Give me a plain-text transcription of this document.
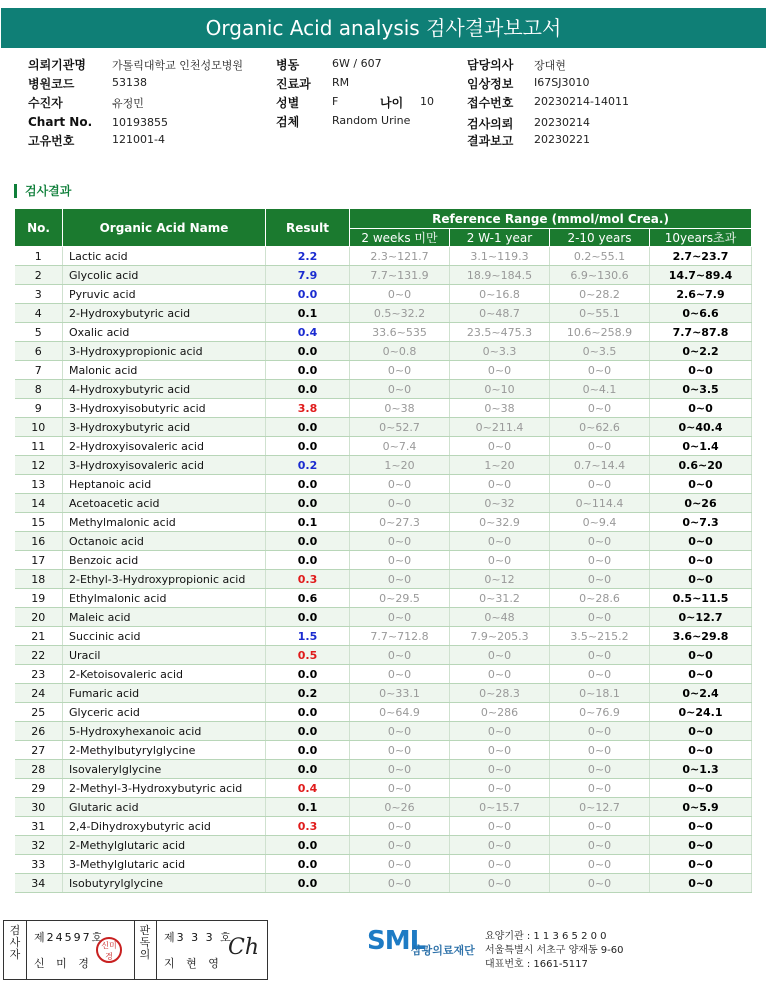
Organic Acid analysis 검사결과보고서
의뢰기관명 가톨릭대학교 인천성모병원
병원코드	53138
수진자	유정민
Chart No. 10193855
고유번호	121001-4
병동	6W / 607
진료과 RM
성별	F	나이 10
검체	Random Urine
담당의사 장대현
임상정보 I67SJ3010
접수번호 20230214-14011
검사의뢰 20230214
결과보고 20230221
검사결과
No.	Organic Acid Name	Result	Reference Range (mmol/mol Crea.)			
			2 weeks 미만	2 W-1 year	2-10 years	10years초과
1	Lactic acid	2.2	2.3~121.7	3.1~119.3	0.2~55.1	2.7~23.7
2	Glycolic acid	7.9	7.7~131.9	18.9~184.5	6.9~130.6	14.7~89.4
3	Pyruvic acid	0.0	0~0	0~16.8	0~28.2	2.6~7.9
4	2-Hydroxybutyric acid	0.1	0.5~32.2	0~48.7	0~55.1	0~6.6
5	Oxalic acid	0.4	33.6~535	23.5~475.3	10.6~258.9	7.7~87.8
6	3-Hydroxypropionic acid	0.0	0~0.8	0~3.3	0~3.5	0~2.2
7	Malonic acid	0.0	0~0	0~0	0~0	0~0
8	4-Hydroxybutyric acid	0.0	0~0	0~10	0~4.1	0~3.5
9	3-Hydroxyisobutyric acid	3.8	0~38	0~38	0~0	0~0
10	3-Hydroxybutyric acid	0.0	0~52.7	0~211.4	0~62.6	0~40.4
11	2-Hydroxyisovaleric acid	0.0	0~7.4	0~0	0~0	0~1.4
12	3-Hydroxyisovaleric acid	0.2	1~20	1~20	0.7~14.4	0.6~20
13	Heptanoic acid	0.0	0~0	0~0	0~0	0~0
14	Acetoacetic acid	0.0	0~0	0~32	0~114.4	0~26
15	Methylmalonic acid	0.1	0~27.3	0~32.9	0~9.4	0~7.3
16	Octanoic acid	0.0	0~0	0~0	0~0	0~0
17	Benzoic acid	0.0	0~0	0~0	0~0	0~0
18	2-Ethyl-3-Hydroxypropionic acid	0.3	0~0	0~12	0~0	0~0
19	Ethylmalonic acid	0.6	0~29.5	0~31.2	0~28.6	0.5~11.5
20	Maleic acid	0.0	0~0	0~48	0~0	0~12.7
21	Succinic acid	1.5	7.7~712.8	7.9~205.3	3.5~215.2	3.6~29.8
22	Uracil	0.5	0~0	0~0	0~0	0~0
23	2-Ketoisovaleric acid	0.0	0~0	0~0	0~0	0~0
24	Fumaric acid	0.2	0~33.1	0~28.3	0~18.1	0~2.4
25	Glyceric acid	0.0	0~64.9	0~286	0~76.9	0~24.1
26	5-Hydroxyhexanoic acid	0.0	0~0	0~0	0~0	0~0
27	2-Methylbutyrylglycine	0.0	0~0	0~0	0~0	0~0
28	Isovalerylglycine	0.0	0~0	0~0	0~0	0~1.3
29	2-Methyl-3-Hydroxybutyric acid	0.4	0~0	0~0	0~0	0~0
30	Glutaric acid	0.1	0~26	0~15.7	0~12.7	0~5.9
31	2,4-Dihydroxybutyric acid	0.3	0~0	0~0	0~0	0~0
32	2-Methylglutaric acid	0.0	0~0	0~0	0~0	0~0
33	3-Methylglutaric acid	0.0	0~0	0~0	0~0	0~0
34	Isobutyrylglycine	0.0	0~0	0~0	0~0	0~0
검사자
제24597호
신 미 경
신미경
판독의
제3 3 3 호
지 현 영
Ch	SML
삼광의료재단
요양기관 : 1 1 3 6 5 2 0 0
서울특별시 서초구 양재동 9-60
대표번호 : 1661-5117
